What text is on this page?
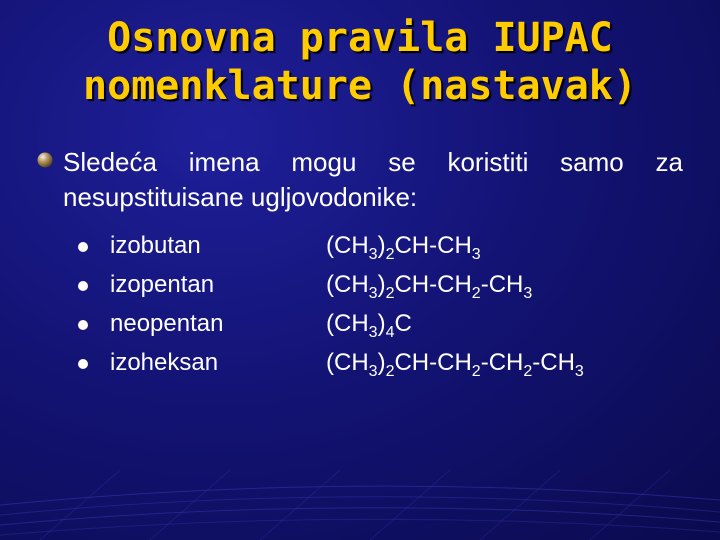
Osnovna pravila IUPAC
nomenklature (nastavak)
Sledeća imena mogu se koristiti samo za
nesupstituisane ugljovodonike:
izobutan	$(CH_3)_2CH-CH_3$
izopentan	$(CH_3)_2CH-CH_2-CH_3$
neopentan	$(CH_3)_4C$
izoheksan	$(CH_3)_2CH-CH_2-CH_2-CH_3$
